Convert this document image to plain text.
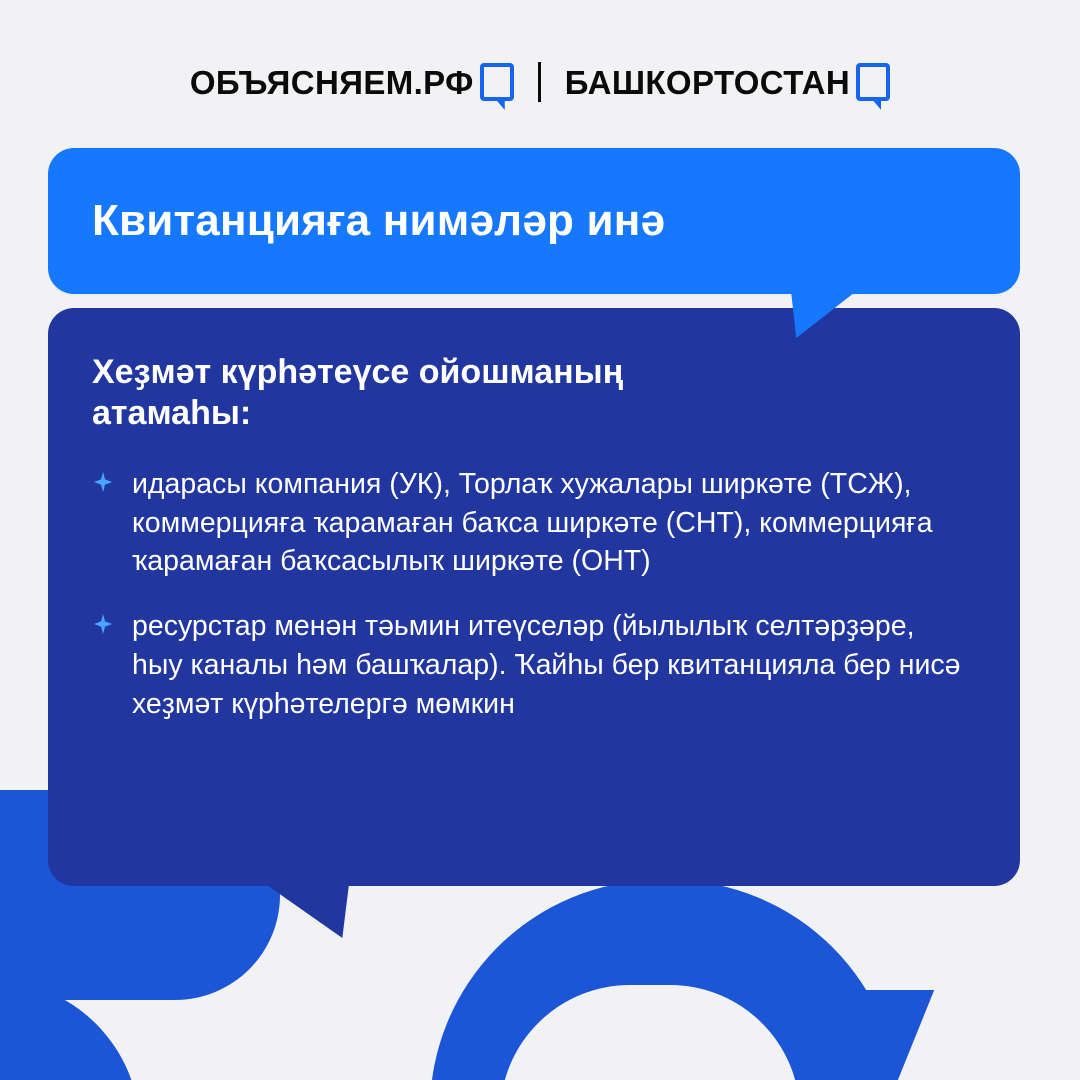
ОБЪЯСНЯЕМ.РФ	БАШКОРТОСТАН
Квитанцияға нимәләр инә
Хеҙмәт күрһәтеүсе ойошманың атамаһы:
идарасы компания (УК), Торлаҡ хужалары ширкәте (ТСЖ), коммерцияға ҡарамаған баҡса ширкәте (СНТ), коммерцияға ҡарамаған баҡсасылыҡ ширкәте (ОНТ)
ресурстар менән тәьмин итеүселәр (йылылыҡ селтәрҙәре, һыу каналы һәм башҡалар). Ҡайһы бер квитанцияла бер нисә хеҙмәт күрһәтелергә мөмкин
